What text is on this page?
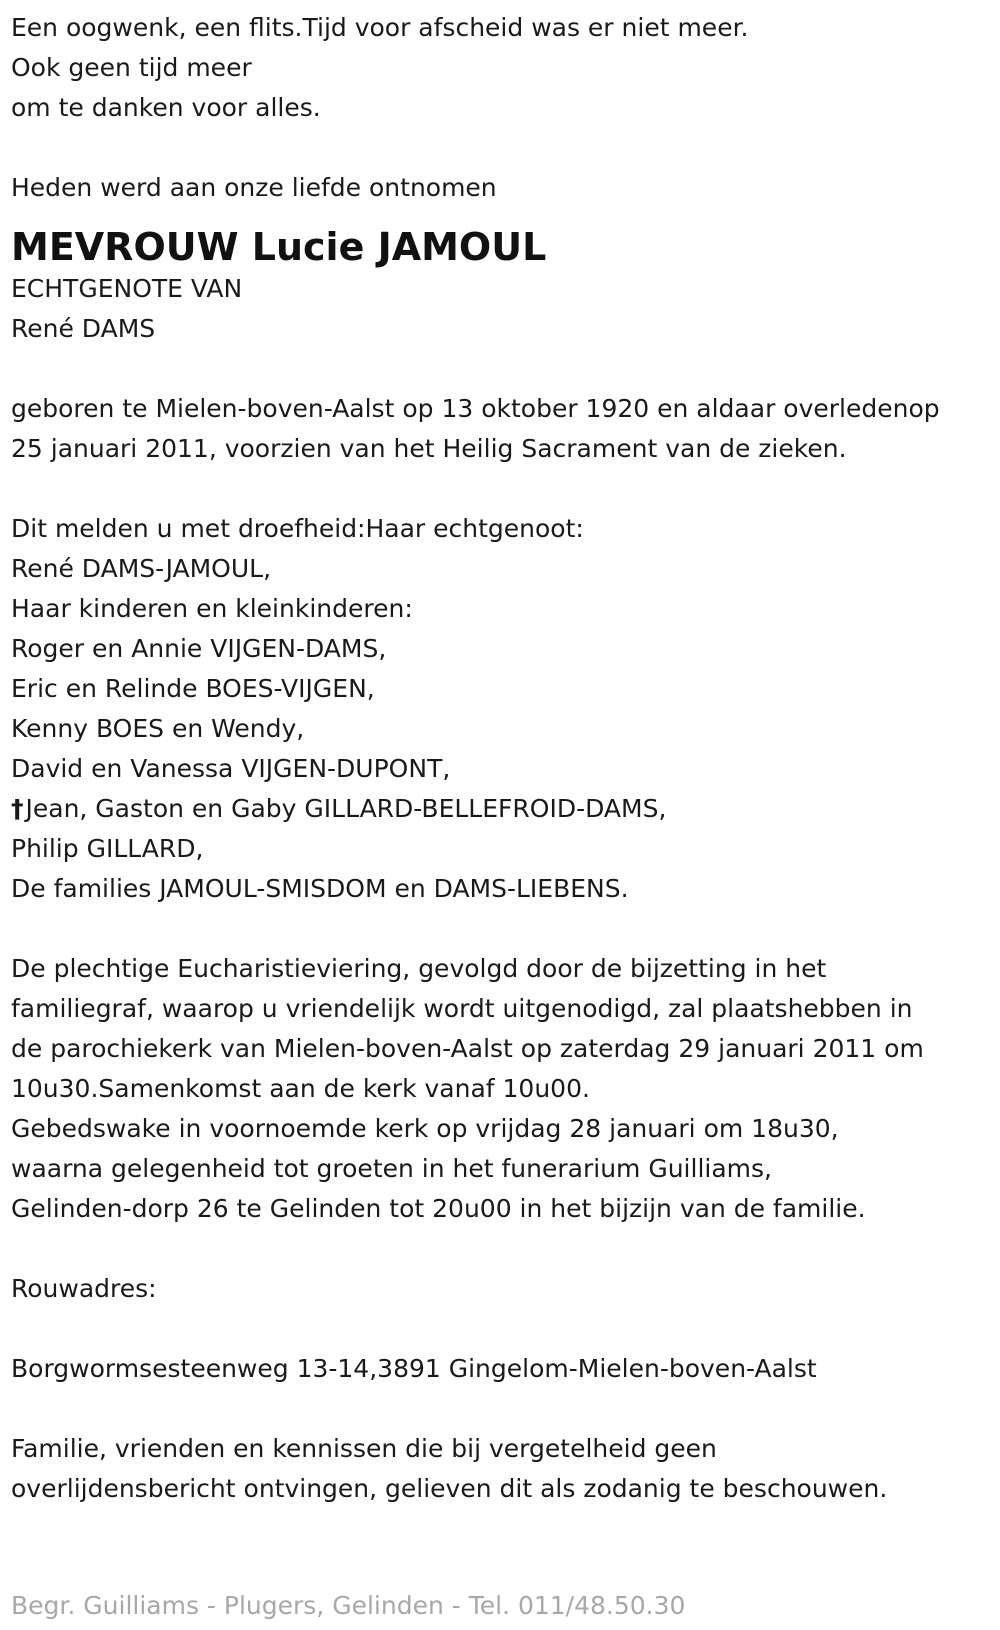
Een oogwenk, een flits.Tijd voor afscheid was er niet meer.

Ook geen tijd meer

om te danken voor alles.

Heden werd aan onze liefde ontnomen

MEVROUW Lucie JAMOUL

ECHTGENOTE VAN

René DAMS

geboren te Mielen-boven-Aalst op 13 oktober 1920 en aldaar overledenop

25 januari 2011, voorzien van het Heilig Sacrament van de zieken.

Dit melden u met droefheid:Haar echtgenoot:

René DAMS-JAMOUL,

Haar kinderen en kleinkinderen:

Roger en Annie VIJGEN-DAMS,

Eric en Relinde BOES-VIJGEN,

Kenny BOES en Wendy,

David en Vanessa VIJGEN-DUPONT,

†Jean, Gaston en Gaby GILLARD-BELLEFROID-DAMS,

Philip GILLARD,

De families JAMOUL-SMISDOM en DAMS-LIEBENS.

De plechtige Eucharistieviering, gevolgd door de bijzetting in het

familiegraf, waarop u vriendelijk wordt uitgenodigd, zal plaatshebben in

de parochiekerk van Mielen-boven-Aalst op zaterdag 29 januari 2011 om

10u30.Samenkomst aan de kerk vanaf 10u00.

Gebedswake in voornoemde kerk op vrijdag 28 januari om 18u30,

waarna gelegenheid tot groeten in het funerarium Guilliams,

Gelinden-dorp 26 te Gelinden tot 20u00 in het bijzijn van de familie.

Rouwadres:

Borgwormsesteenweg 13-14,3891 Gingelom-Mielen-boven-Aalst

Familie, vrienden en kennissen die bij vergetelheid geen

overlijdensbericht ontvingen, gelieven dit als zodanig te beschouwen.

Begr. Guilliams - Plugers, Gelinden - Tel. 011/48.50.30
